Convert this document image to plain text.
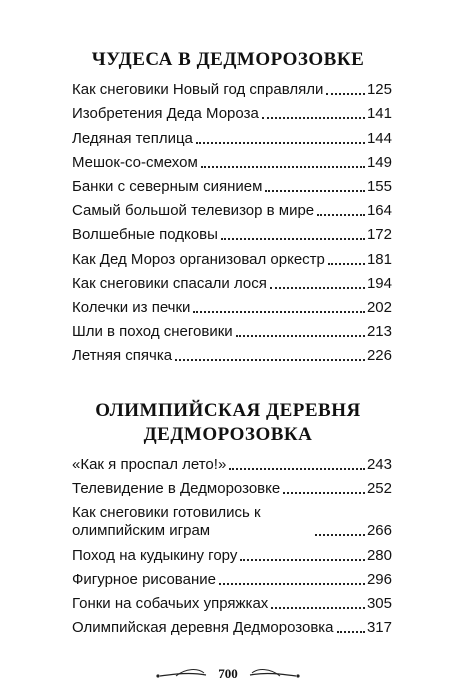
ЧУДЕСА В ДЕДМОРОЗОВКЕ
Как снеговики Новый год справляли	125
Изобретения Деда Мороза	141
Ледяная теплица	144
Мешок-со-смехом	149
Банки с северным сиянием	155
Самый большой телевизор в мире	164
Волшебные подковы	172
Как Дед Мороз организовал оркестр	181
Как снеговики спасали лося	194
Колечки из печки	202
Шли в поход снеговики	213
Летняя спячка	226
ОЛИМПИЙСКАЯ ДЕРЕВНЯ
ДЕДМОРОЗОВКА
«Как я проспал лето!»	243
Телевидение в Дедморозовке	252
Как снеговики готовились к олимпийским играм	266
Поход на кудыкину гору	280
Фигурное рисование	296
Гонки на собачьих упряжках	305
Олимпийская деревня Дедморозовка 317
700
